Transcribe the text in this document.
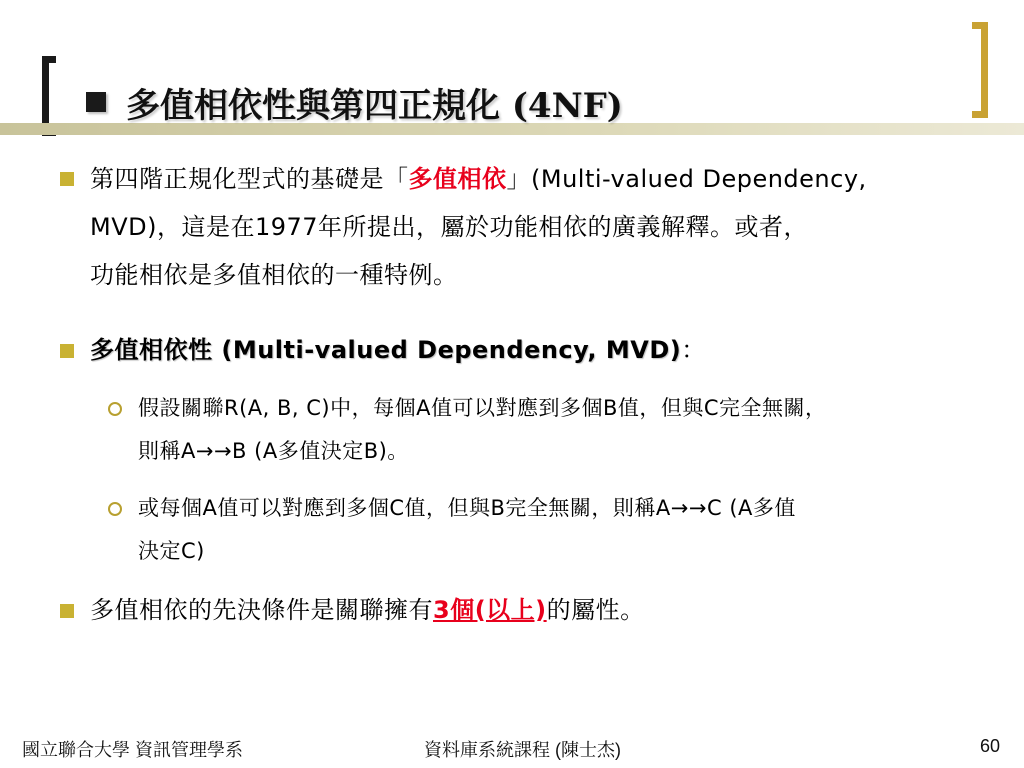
多值相依性與第四正規化 (4NF)
第四階正規化型式的基礎是「多值相依」(Multi-valued Dependency,
MVD)，這是在1977年所提出，屬於功能相依的廣義解釋。或者，
功能相依是多值相依的一種特例。
多值相依性 (Multi-valued Dependency, MVD)：
假設關聯R(A, B, C)中，每個A值可以對應到多個B值，但與C完全無關，
則稱A→→B (A多值決定B)。
或每個A值可以對應到多個C值，但與B完全無關，則稱A→→C (A多值
決定C)
多值相依的先決條件是關聯擁有3個(以上)的屬性。
國立聯合大學 資訊管理學系	資料庫系統課程 (陳士杰)	60
